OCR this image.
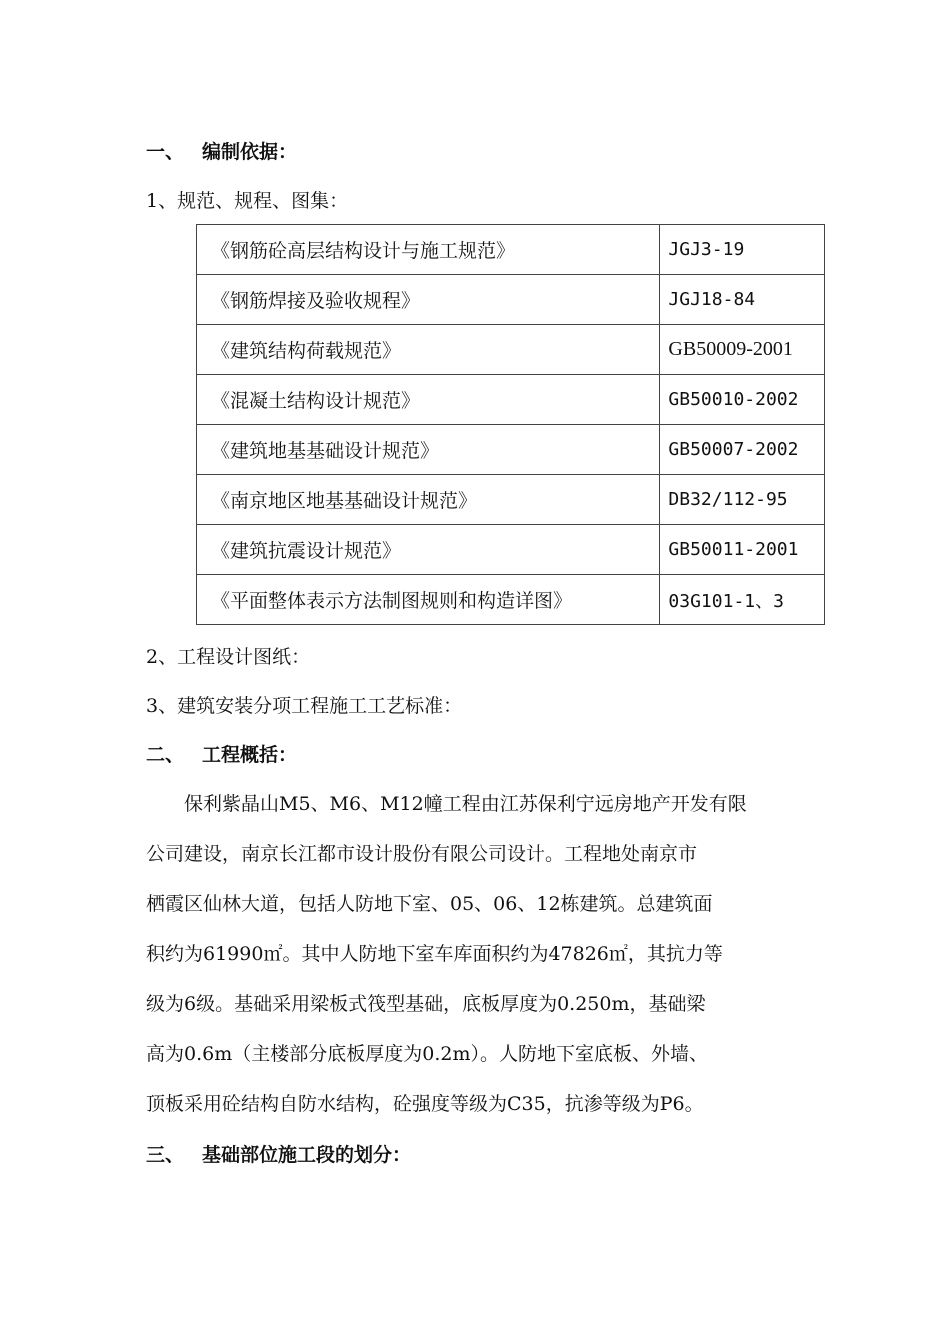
一、 编制依据：
1、规范、规程、图集：
《钢筋砼高层结构设计与施工规范》	JGJ3-19
《钢筋焊接及验收规程》	JGJ18-84
《建筑结构荷载规范》	GB50009-2001
《混凝土结构设计规范》	GB50010-2002
《建筑地基基础设计规范》	GB50007-2002
《南京地区地基基础设计规范》	DB32/112-95
《建筑抗震设计规范》	GB50011-2001
《平面整体表示方法制图规则和构造详图》	03G101-1、3
2、工程设计图纸：
3、建筑安装分项工程施工工艺标准：
二、 工程概括：
保利紫晶山M5、M6、M12幢工程由江苏保利宁远房地产开发有限
公司建设，南京长江都市设计股份有限公司设计。工程地处南京市
栖霞区仙林大道，包括人防地下室、05、06、12栋建筑。总建筑面
积约为61990㎡。其中人防地下室车库面积约为47826㎡，其抗力等
级为6级。基础采用梁板式筏型基础，底板厚度为0.250m，基础梁
高为0.6m（主楼部分底板厚度为0.2m）。人防地下室底板、外墙、
顶板采用砼结构自防水结构，砼强度等级为C35，抗渗等级为P6。
三、 基础部位施工段的划分：
